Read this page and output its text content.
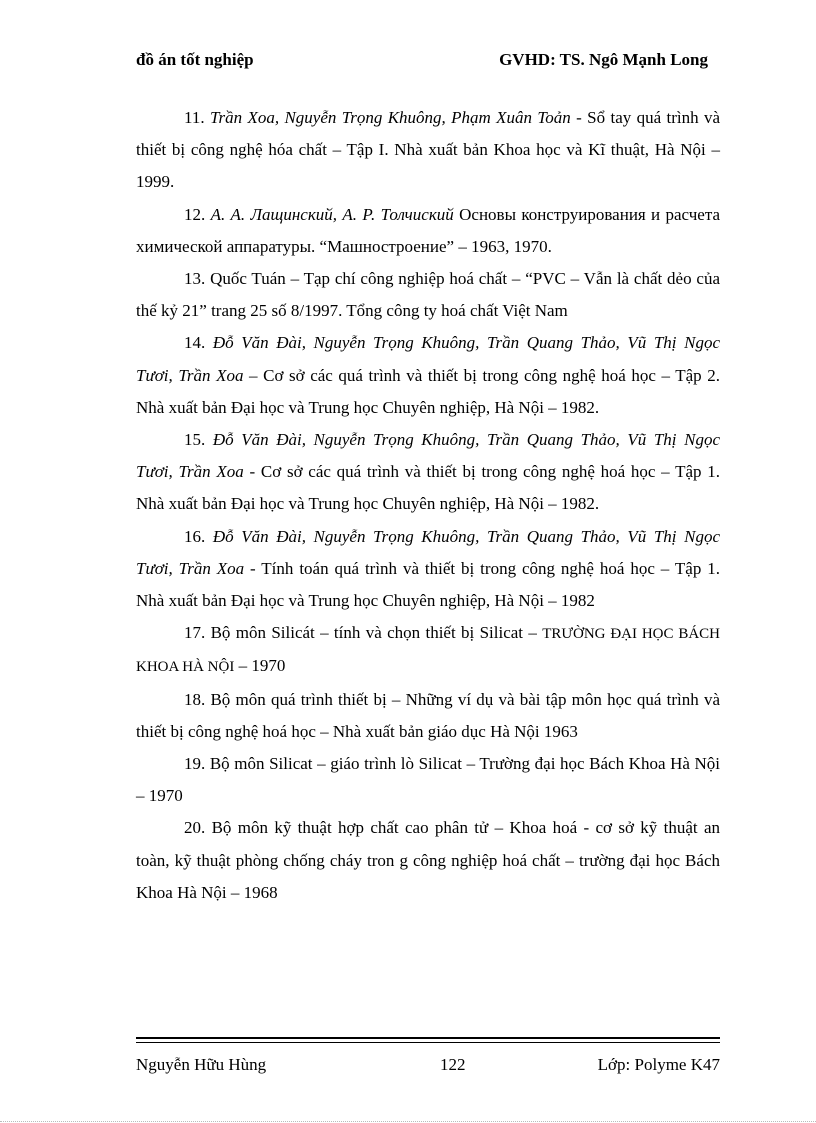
đồ án tốt nghiệp	GVHD: TS. Ngô Mạnh Long

11. Trần Xoa, Nguyễn Trọng Khuông, Phạm Xuân Toản - Sổ tay quá trình và thiết bị công nghệ hóa chất – Tập I. Nhà xuất bản Khoa học và Kĩ thuật, Hà Nội – 1999.

12. А. А. Лащинский, А. Р. Толчиский Основы конструирования и расчета химической аппаратуры. “Машностроение” – 1963, 1970.

13. Quốc Tuán – Tạp chí công nghiệp hoá chất – “PVC – Vẫn là chất dẻo của thế kỷ 21” trang 25 số 8/1997. Tổng công ty hoá chất Việt Nam

14. Đỗ Văn Đài, Nguyễn Trọng Khuông, Trần Quang Thảo, Vũ Thị Ngọc Tươi, Trần Xoa – Cơ sở các quá trình và thiết bị trong công nghệ hoá học – Tập 2. Nhà xuất bản Đại học và Trung học Chuyên nghiệp, Hà Nội – 1982.

15. Đỗ Văn Đài, Nguyễn Trọng Khuông, Trần Quang Thảo, Vũ Thị Ngọc Tươi, Trần Xoa - Cơ sở các quá trình và thiết bị trong công nghệ hoá học – Tập 1. Nhà xuất bản Đại học và Trung học Chuyên nghiệp, Hà Nội – 1982.

16. Đỗ Văn Đài, Nguyễn Trọng Khuông, Trần Quang Thảo, Vũ Thị Ngọc Tươi, Trần Xoa - Tính toán quá trình và thiết bị trong công nghệ hoá học – Tập 1. Nhà xuất bản Đại học và Trung học Chuyên nghiệp, Hà Nội – 1982

17. Bộ môn Silicát – tính và chọn thiết bị Silicat – TRƯỜNG ĐẠI HỌC BÁCH KHOA HÀ NỘI – 1970

18. Bộ môn quá trình thiết bị – Những ví dụ và bài tập môn học quá trình và thiết bị công nghệ hoá học – Nhà xuất bản giáo dục Hà Nội 1963

19. Bộ môn Silicat – giáo trình lò Silicat – Trường đại học Bách Khoa Hà Nội – 1970

20. Bộ môn kỹ thuật hợp chất cao phân tử – Khoa hoá - cơ sở kỹ thuật an toàn, kỹ thuật phòng chống cháy tron g công nghiệp hoá chất – trường đại học Bách Khoa Hà Nội – 1968

Nguyễn Hữu Hùng	122	Lớp: Polyme K47
